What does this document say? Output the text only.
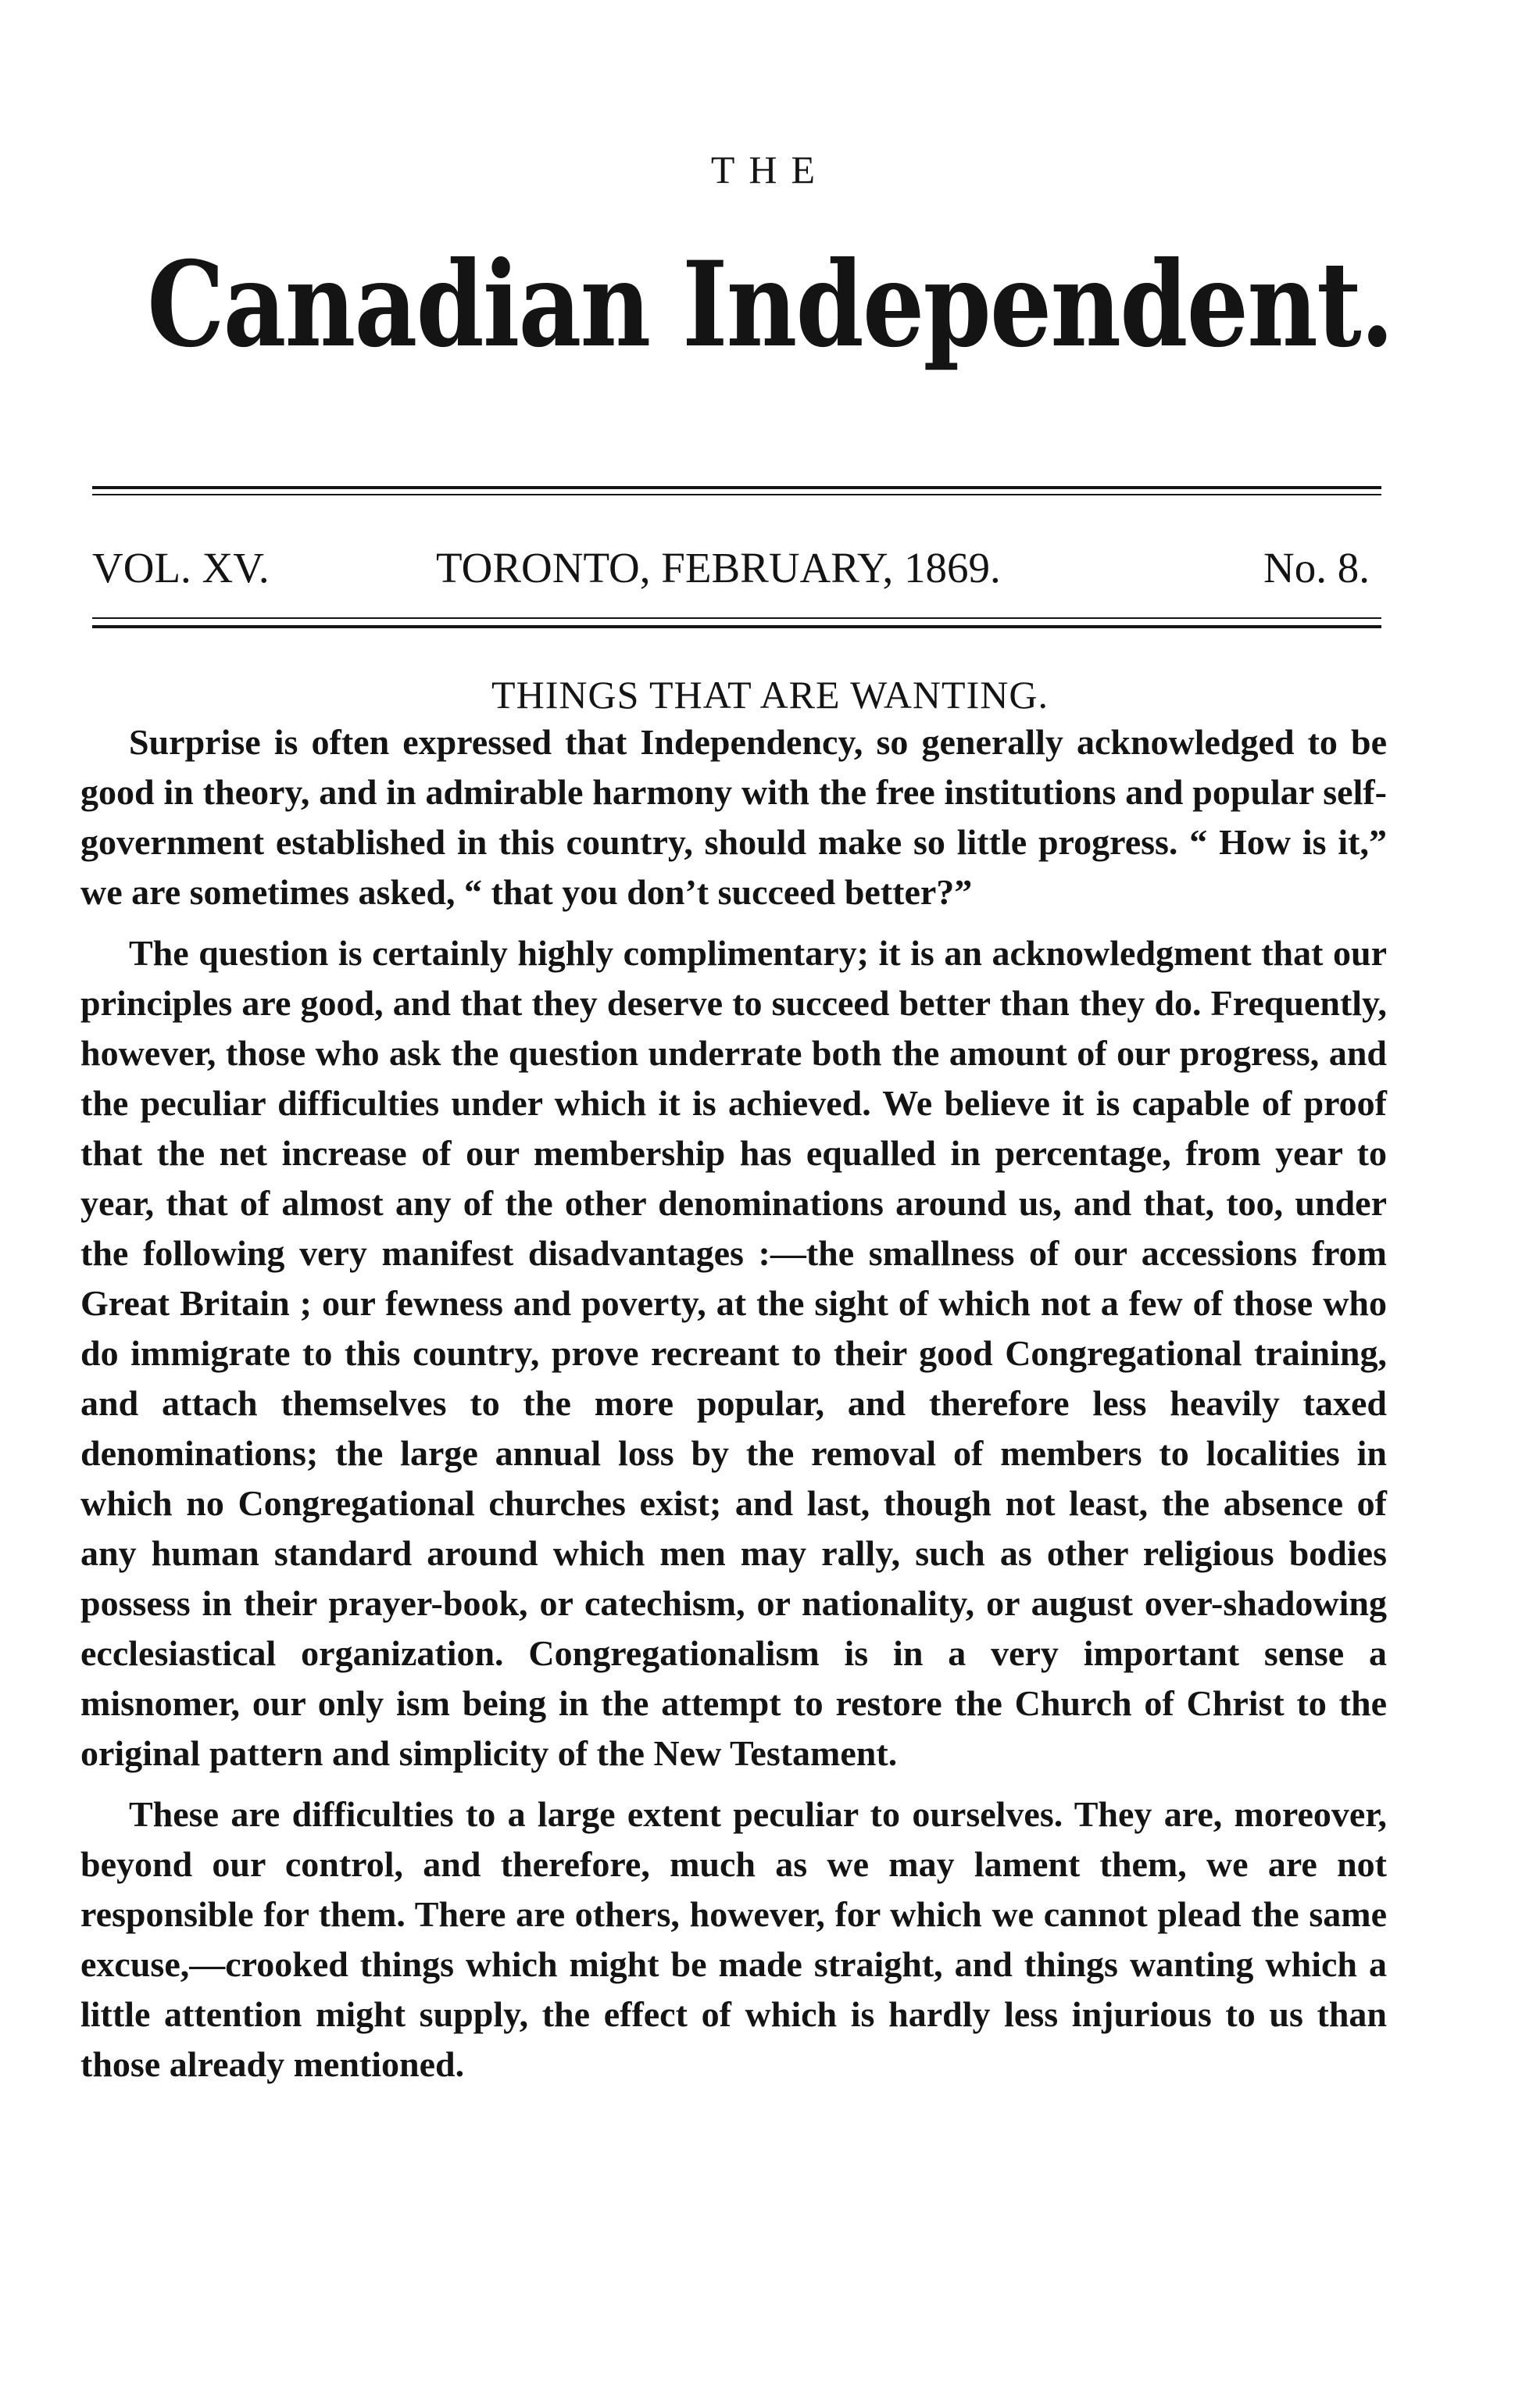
THE
Canadian Independent.
VOL. XV.	TORONTO, FEBRUARY, 1869.	No. 8.
THINGS THAT ARE WANTING.

Surprise is often expressed that Independency, so generally acknowledged to be good in theory, and in admirable harmony with the free institutions and popular self-government established in this country, should make so little progress. “ How is it,” we are sometimes asked, “ that you don’t succeed better?”

The question is certainly highly complimentary; it is an acknowledgment that our principles are good, and that they deserve to succeed better than they do. Frequently, however, those who ask the question underrate both the amount of our progress, and the peculiar difficulties under which it is achieved. We believe it is capable of proof that the net increase of our membership has equalled in percentage, from year to year, that of almost any of the other denominations around us, and that, too, under the following very manifest disadvantages :—the smallness of our accessions from Great Britain ; our fewness and poverty, at the sight of which not a few of those who do immigrate to this country, prove recreant to their good Congregational training, and attach themselves to the more popular, and therefore less heavily taxed denominations; the large annual loss by the removal of members to localities in which no Congregational churches exist; and last, though not least, the absence of any human standard around which men may rally, such as other religious bodies possess in their prayer-book, or catechism, or nationality, or august over-shadowing ecclesiastical organization. Congregationalism is in a very important sense a misnomer, our only ism being in the attempt to restore the Church of Christ to the original pattern and simplicity of the New Testament.

These are difficulties to a large extent peculiar to ourselves. They are, moreover, beyond our control, and therefore, much as we may lament them, we are not responsible for them. There are others, however, for which we cannot plead the same excuse,—crooked things which might be made straight, and things wanting which a little attention might supply, the effect of which is hardly less injurious to us than those already mentioned.
